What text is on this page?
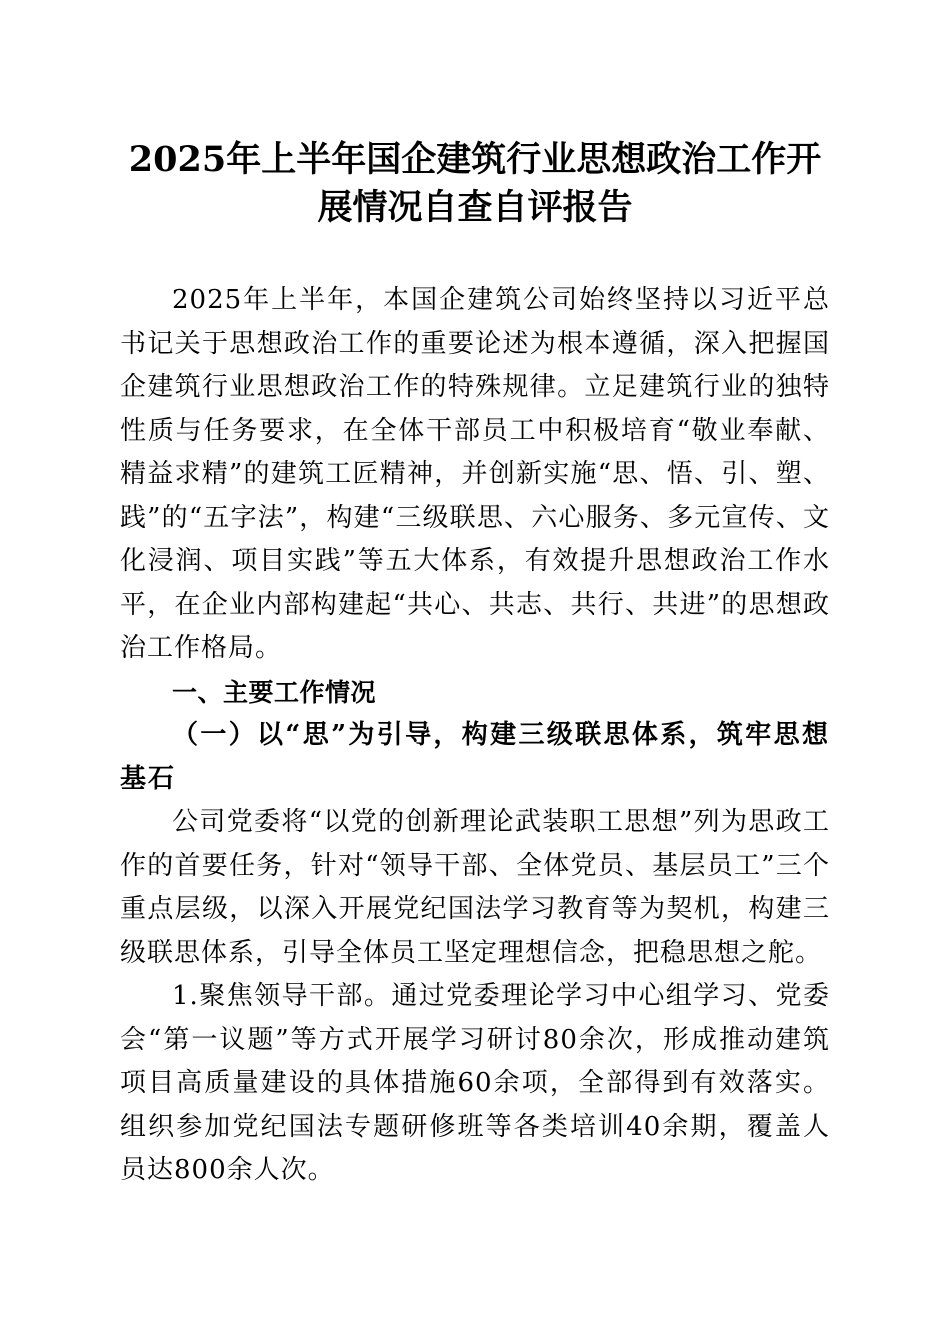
2025年上半年国企建筑行业思想政治工作开展情况自查自评报告

2025年上半年，本国企建筑公司始终坚持以习近平总书记关于思想政治工作的重要论述为根本遵循，深入把握国企建筑行业思想政治工作的特殊规律。立足建筑行业的独特性质与任务要求，在全体干部员工中积极培育“敬业奉献、精益求精”的建筑工匠精神，并创新实施“思、悟、引、塑、践”的“五字法”，构建“三级联思、六心服务、多元宣传、文化浸润、项目实践”等五大体系，有效提升思想政治工作水平，在企业内部构建起“共心、共志、共行、共进”的思想政治工作格局。

一、主要工作情况

（一）以“思”为引导，构建三级联思体系，筑牢思想基石

公司党委将“以党的创新理论武装职工思想”列为思政工作的首要任务，针对“领导干部、全体党员、基层员工”三个重点层级，以深入开展党纪国法学习教育等为契机，构建三级联思体系，引导全体员工坚定理想信念，把稳思想之舵。

1.聚焦领导干部。通过党委理论学习中心组学习、党委会“第一议题”等方式开展学习研讨80余次，形成推动建筑项目高质量建设的具体措施60余项，全部得到有效落实。组织参加党纪国法专题研修班等各类培训40余期，覆盖人员达800余人次。
